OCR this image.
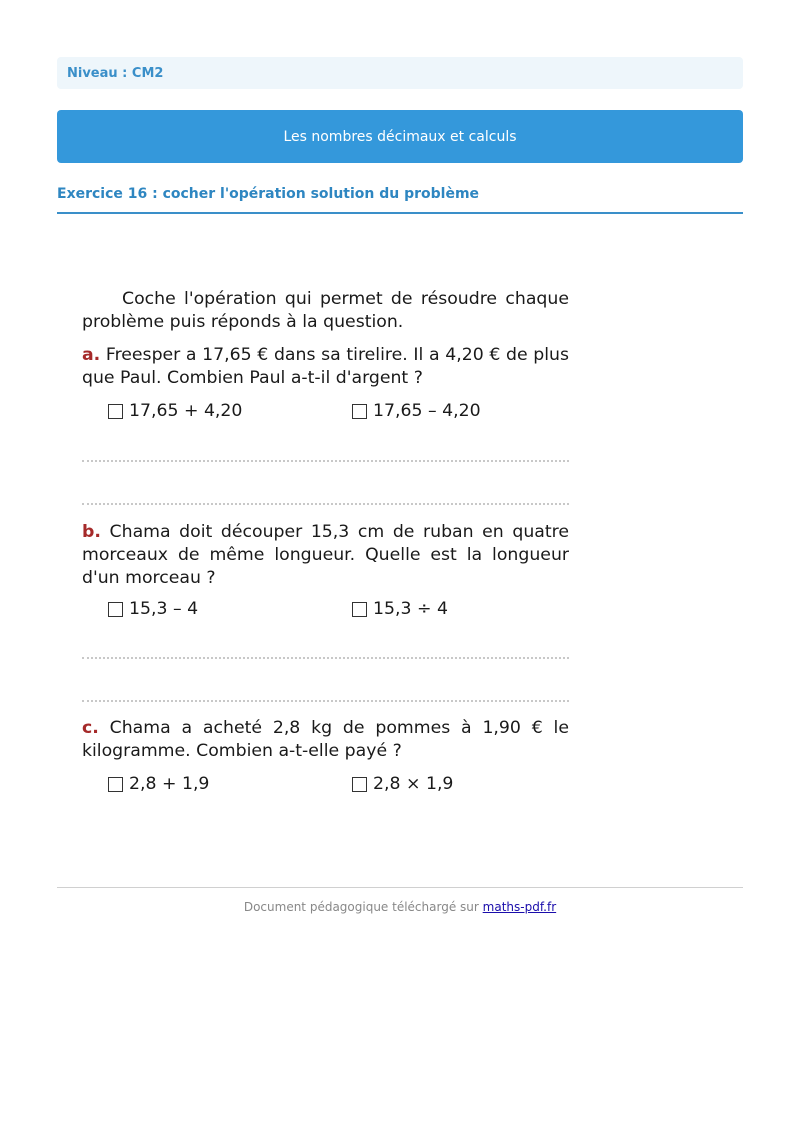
Niveau : CM2
Les nombres décimaux et calculs
Exercice 16 : cocher l'opération solution du problème

Coche l'opération qui permet de résoudre chaque problème puis réponds à la question.

a. Freesper a 17,65 € dans sa tirelire. Il a 4,20 € de plus que Paul. Combien Paul a-t-il d'argent ?

17,65 + 4,20	17,65 – 4,20

b. Chama doit découper 15,3 cm de ruban en quatre morceaux de même longueur. Quelle est la longueur d'un morceau ?

15,3 – 4	15,3 ÷ 4

c. Chama a acheté 2,8 kg de pommes à 1,90 € le kilogramme. Combien a-t-elle payé ?

2,8 + 1,9	2,8 × 1,9
Document pédagogique téléchargé sur maths-pdf.fr
